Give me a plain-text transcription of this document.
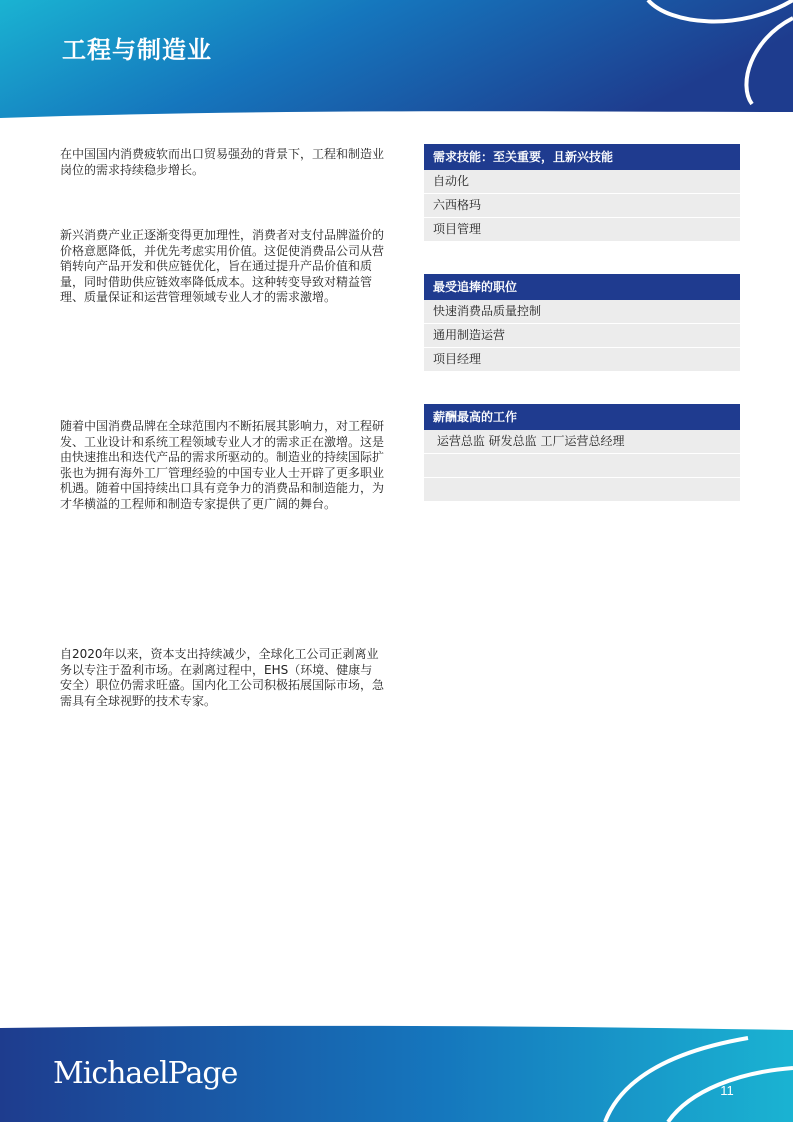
工程与制造业

在中国国内消费疲软而出口贸易强劲的背景下，工程和制造业岗位的需求持续稳步增长。

新兴消费产业正逐渐变得更加理性，消费者对支付品牌溢价的价格意愿降低，并优先考虑实用价值。这促使消费品公司从营销转向产品开发和供应链优化，旨在通过提升产品价值和质量，同时借助供应链效率降低成本。这种转变导致对精益管理、质量保证和运营管理领域专业人才的需求激增。

随着中国消费品牌在全球范围内不断拓展其影响力，对工程研发、工业设计和系统工程领域专业人才的需求正在激增。这是由快速推出和迭代产品的需求所驱动的。制造业的持续国际扩张也为拥有海外工厂管理经验的中国专业人士开辟了更多职业机遇。随着中国持续出口具有竞争力的消费品和制造能力，为才华横溢的工程师和制造专家提供了更广阔的舞台。

自2020年以来，资本支出持续减少，全球化工公司正剥离业务以专注于盈利市场。在剥离过程中，EHS（环境、健康与安全）职位仍需求旺盛。国内化工公司积极拓展国际市场，急需具有全球视野的技术专家。

需求技能：至关重要，且新兴技能
自动化
六西格玛
项目管理
最受追捧的职位
快速消费品质量控制
通用制造运营
项目经理
薪酬最高的工作
运营总监 研发总监 工厂运营总经理
MichaelPage	11
